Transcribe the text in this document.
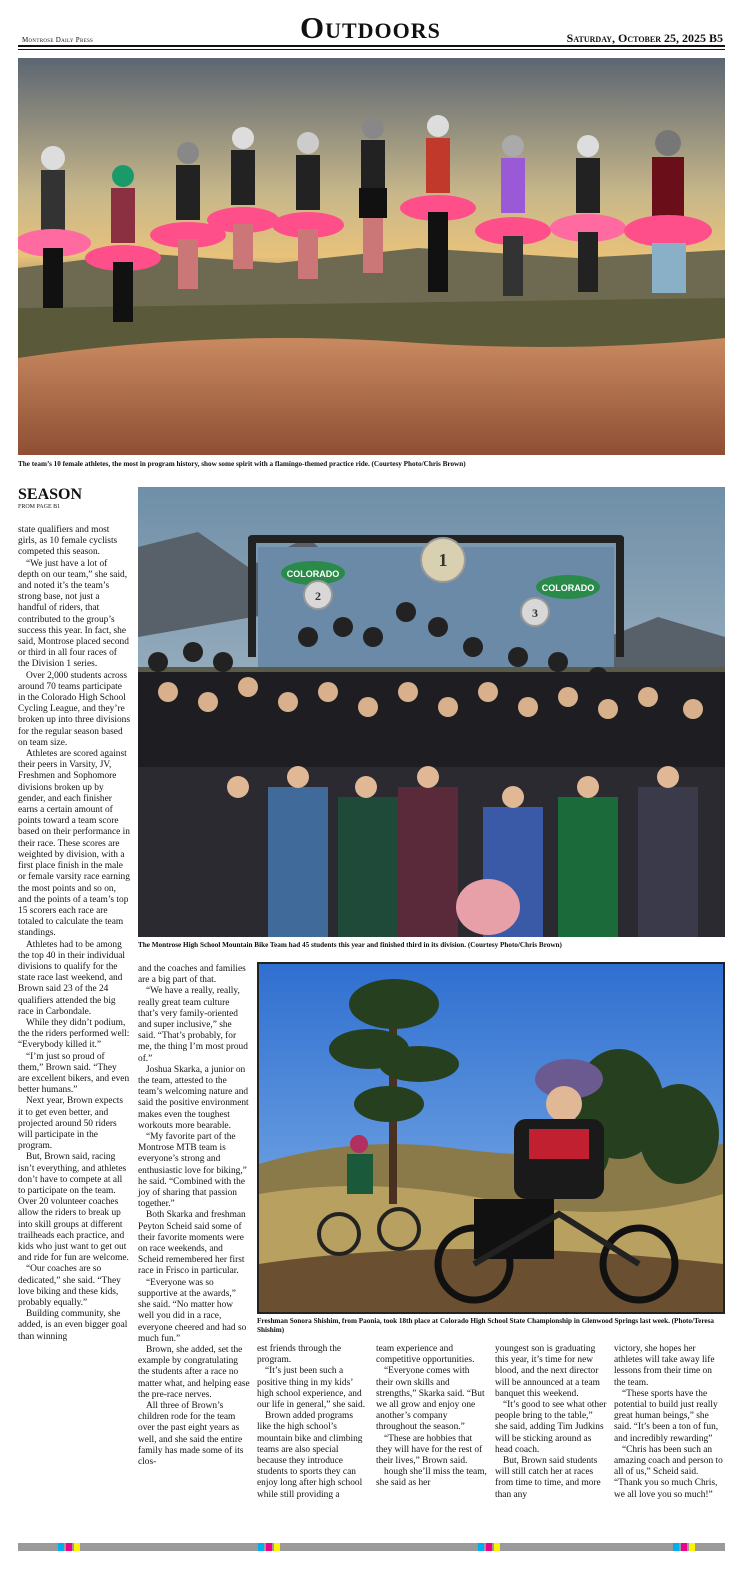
Montrose Daily Press	Outdoors	Saturday, October 25, 2025 B5
The team’s 10 female athletes, the most in program history, show some spirit with a flamingo-themed practice ride. (Courtesy Photo/Chris Brown)
SEASON
FROM PAGE B1

state qualifiers and most girls, as 10 female cyclists competed this season.

“We just have a lot of depth on our team,” she said, and noted it’s the team’s strong base, not just a handful of riders, that contributed to the group’s success this year. In fact, she said, Montrose placed second or third in all four races of the Division 1 series.

Over 2,000 students across around 70 teams participate in the Colorado High School Cycling League, and they’re broken up into three divisions for the regular season based on team size.

Athletes are scored against their peers in Varsity, JV, Freshmen and Sophomore divisions broken up by gender, and each finisher earns a certain amount of points toward a team score based on their performance in their race. These scores are weighted by division, with a first place finish in the male or female varsity race earning the most points and so on, and the points of a team’s top 15 scorers each race are totaled to calculate the team standings.

Athletes had to be among the top 40 in their individual divisions to qualify for the state race last weekend, and Brown said 23 of the 24 qualifiers attended the big race in Carbondale.

While they didn’t podium, the the riders performed well: “Everybody killed it.”

“I’m just so proud of them,” Brown said. “They are excellent bikers, and even better humans.”

Next year, Brown expects it to get even better, and projected around 50 riders will participate in the program.

But, Brown said, racing isn’t everything, and athletes don’t have to compete at all to participate on the team. Over 20 volunteer coaches allow the riders to break up into skill groups at different trailheads each practice, and kids who just want to get out and ride for fun are welcome.

“Our coaches are so dedicated,” she said. “They love biking and these kids, probably equally.”

Building community, she added, is an even bigger goal than winning

COLORADO
COLORADO
1
2
3
The Montrose High School Mountain Bike Team had 45 students this year and finished third in its division. (Courtesy Photo/Chris Brown)

and the coaches and families are a big part of that.

“We have a really, really, really great team culture that’s very family-oriented and super inclusive,” she said. “That’s probably, for me, the thing I’m most proud of.”

Joshua Skarka, a junior on the team, attested to the team’s welcoming nature and said the positive environment makes even the toughest workouts more bearable.

“My favorite part of the Montrose MTB team is everyone’s strong and enthusiastic love for biking,” he said. “Combined with the joy of sharing that passion together.”

Both Skarka and freshman Peyton Scheid said some of their favorite moments were on race weekends, and Scheid remembered her first race in Frisco in particular.

“Everyone was so supportive at the awards,” she said. “No matter how well you did in a race, everyone cheered and had so much fun.”

Brown, she added, set the example by congratulating the students after a race no matter what, and helping ease the pre-race nerves.

All three of Brown’s children rode for the team over the past eight years as well, and she said the entire family has made some of its clos-

Freshman Sonora Shishim, from Paonia, took 18th place at Colorado High School State Championship in Glenwood Springs last week. (Photo/Teresa Shishim)

est friends through the program.

“It’s just been such a positive thing in my kids’ high school experience, and our life in general,” she said.

Brown added programs like the high school’s mountain bike and climbing teams are also special because they introduce students to sports they can enjoy long after high school while still providing a

team experience and competitive opportunities.

“Everyone comes with their own skills and strengths,” Skarka said. “But we all grow and enjoy one another’s company throughout the season.”

“These are hobbies that they will have for the rest of their lives,” Brown said.

hough she’ll miss the team, she said as her

youngest son is graduating this year, it’s time for new blood, and the next director will be announced at a team banquet this weekend.

“It’s good to see what other people bring to the table,” she said, adding Tim Judkins will be sticking around as head coach.

But, Brown said students will still catch her at races from time to time, and more than any

victory, she hopes her athletes will take away life lessons from their time on the team.

“These sports have the potential to build just really great human beings,” she said. “It’s been a ton of fun, and incredibly rewarding”

“Chris has been such an amazing coach and person to all of us,” Scheid said. “Thank you so much Chris, we all love you so much!”
